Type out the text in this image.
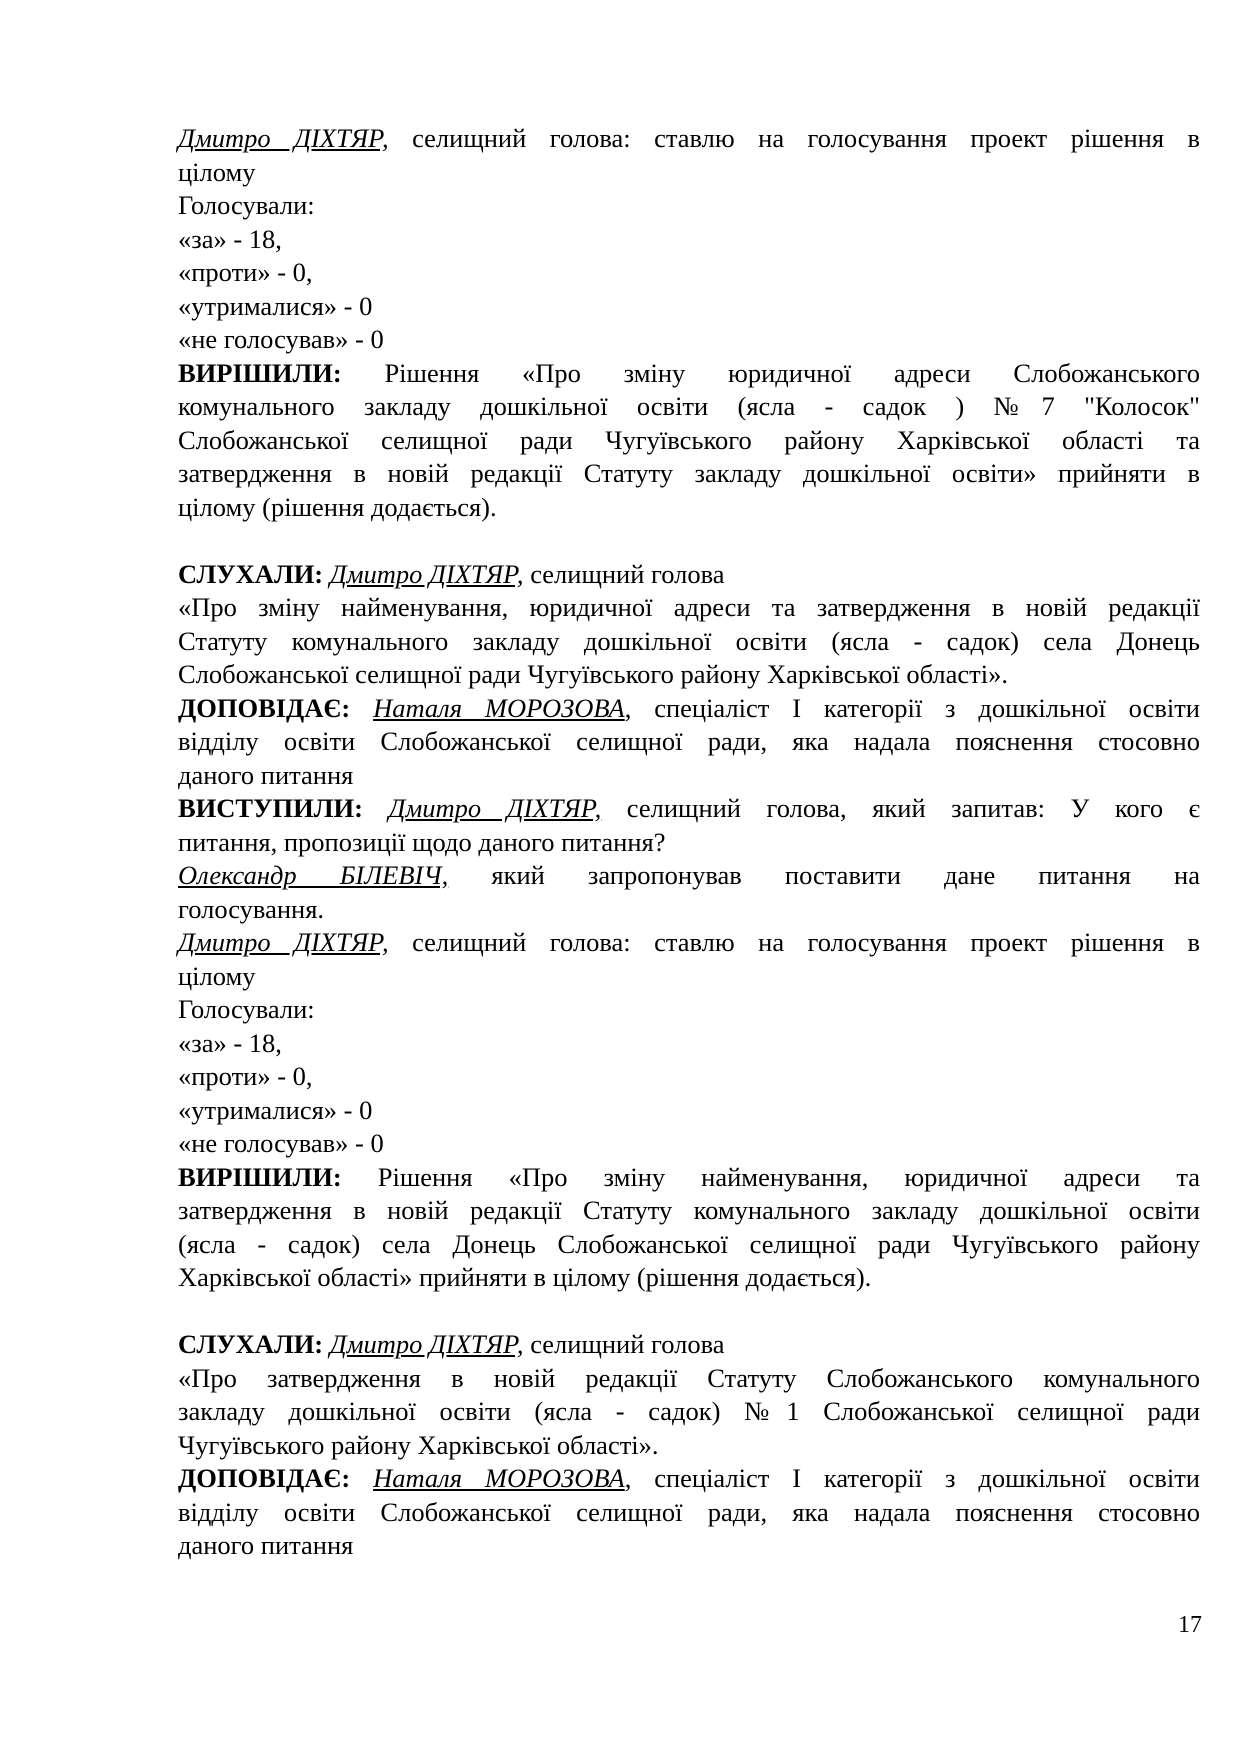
Дмитро ДІХТЯР, селищний голова: ставлю на голосування проект рішення в

цілому

Голосували:

«за» - 18,

«проти» - 0,

«утрималися» - 0

«не голосував» - 0

ВИРІШИЛИ: Рішення «Про зміну юридичної адреси Слобожанського

комунального закладу дошкільної освіти (ясла - садок ) №7 "Колосок"

Слобожанської селищної ради Чугуївського району Харківської області та

затвердження в новій редакції Статуту закладу дошкільної освіти» прийняти в

цілому (рішення додається).

СЛУХАЛИ: Дмитро ДІХТЯР, селищний голова

«Про зміну найменування, юридичної адреси та затвердження в новій редакції

Статуту комунального закладу дошкільної освіти (ясла - садок) села Донець

Слобожанської селищної ради Чугуївського району Харківської області».

ДОПОВІДАЄ: Наталя МОРОЗОВА, спеціаліст І категорії з дошкільної освіти

відділу освіти Слобожанської селищної ради, яка надала пояснення стосовно

даного питання

ВИСТУПИЛИ: Дмитро ДІХТЯР, селищний голова, який запитав: У кого є

питання, пропозиції щодо даного питання?

Олександр БІЛЕВІЧ, який запропонував поставити дане питання на

голосування.

Дмитро ДІХТЯР, селищний голова: ставлю на голосування проект рішення в

цілому

Голосували:

«за» - 18,

«проти» - 0,

«утрималися» - 0

«не голосував» - 0

ВИРІШИЛИ: Рішення «Про зміну найменування, юридичної адреси та

затвердження в новій редакції Статуту комунального закладу дошкільної освіти

(ясла - садок) села Донець Слобожанської селищної ради Чугуївського району

Харківської області» прийняти в цілому (рішення додається).

СЛУХАЛИ: Дмитро ДІХТЯР, селищний голова

«Про затвердження в новій редакції Статуту Слобожанського комунального

закладу дошкільної освіти (ясла - садок) №1 Слобожанської селищної ради

Чугуївського району Харківської області».

ДОПОВІДАЄ: Наталя МОРОЗОВА, спеціаліст І категорії з дошкільної освіти

відділу освіти Слобожанської селищної ради, яка надала пояснення стосовно

даного питання

17
